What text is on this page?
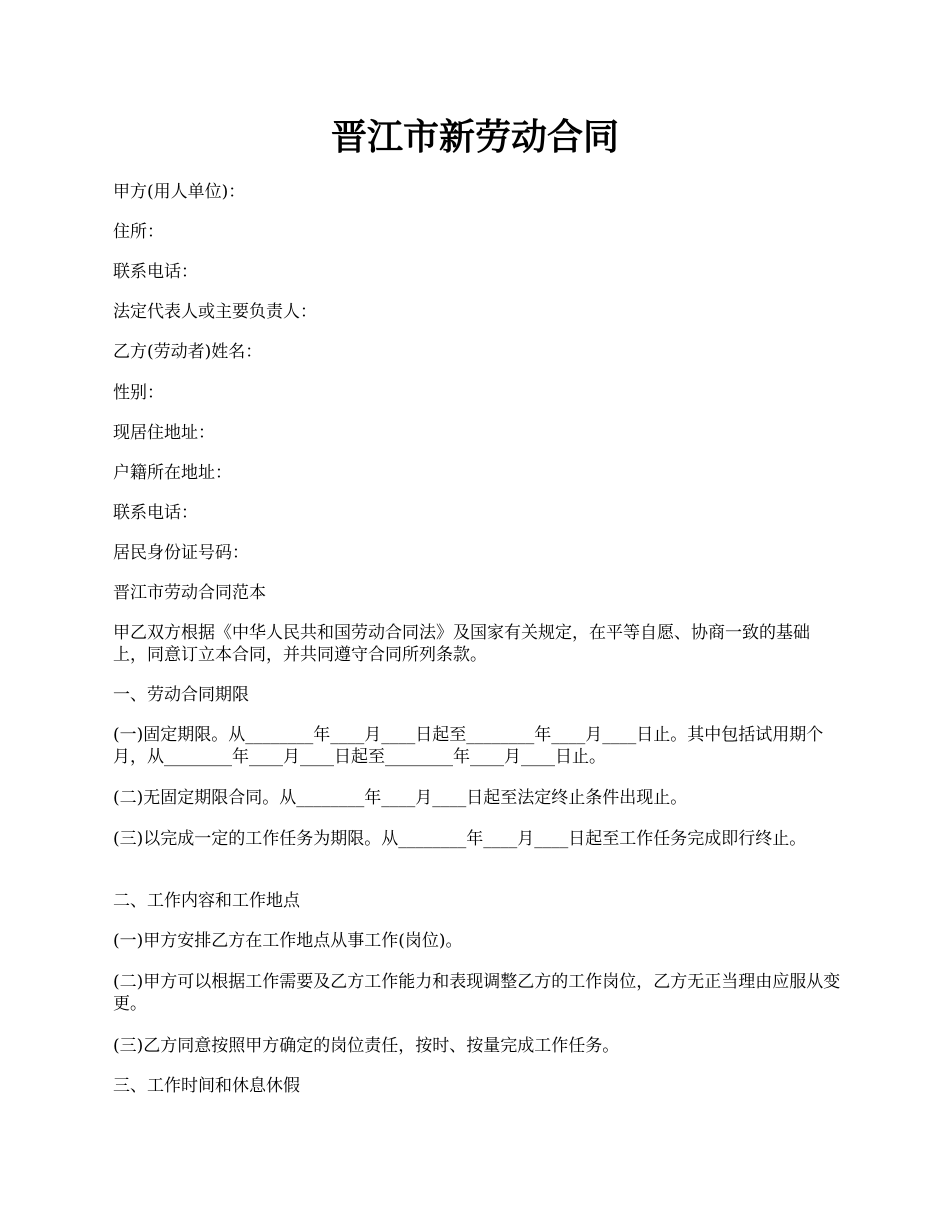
晋江市新劳动合同

甲方(用人单位)：

住所：

联系电话：

法定代表人或主要负责人：

乙方(劳动者)姓名：

性别：

现居住地址：

户籍所在地址：

联系电话：

居民身份证号码：

晋江市劳动合同范本

甲乙双方根据《中华人民共和国劳动合同法》及国家有关规定，在平等自愿、协商一致的基础上，同意订立本合同，并共同遵守合同所列条款。

一、劳动合同期限

(一)固定期限。从________年____月____日起至________年____月____日止。其中包括试用期个月，从________年____月____日起至________年____月____日止。

(二)无固定期限合同。从________年____月____日起至法定终止条件出现止。

(三)以完成一定的工作任务为期限。从________年____月____日起至工作任务完成即行终止。

二、工作内容和工作地点

(一)甲方安排乙方在工作地点从事工作(岗位)。

(二)甲方可以根据工作需要及乙方工作能力和表现调整乙方的工作岗位，乙方无正当理由应服从变更。

(三)乙方同意按照甲方确定的岗位责任，按时、按量完成工作任务。

三、工作时间和休息休假
